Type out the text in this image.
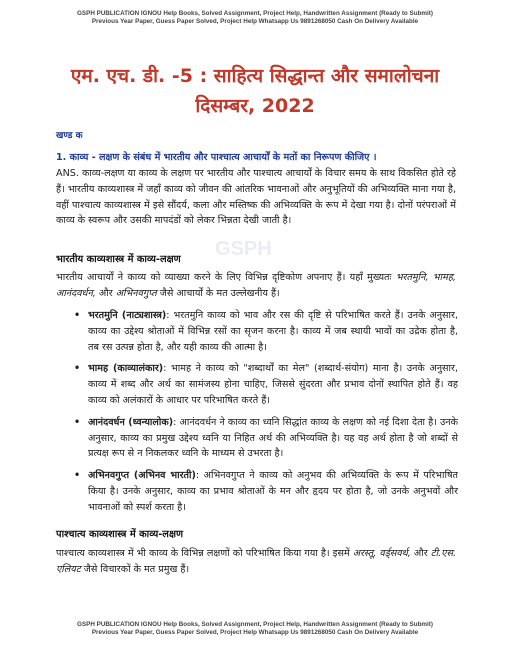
GSPH PUBLICATION IGNOU Help Books, Solved Assignment, Project Help, Handwritten Assignment (Ready to Submit)
Previous Year Paper, Guess Paper Solved, Project Help Whatsapp Us 9891268050 Cash On Delivery Available
GSPH
एम. एच. डी. -5 : साहित्य सिद्धान्त और समालोचना
दिसम्बर, 2022
खण्ड क
1. काव्य - लक्षण के संबंध में भारतीय और पाश्चात्य आचार्यों के मतों का निरूपण कीजिए ।
ANS. काव्य-लक्षण या काव्य के लक्षण पर भारतीय और पाश्चात्य आचार्यों के विचार समय के साथ विकसित होते रहे हैं। भारतीय काव्यशास्त्र में जहाँ काव्य को जीवन की आंतरिक भावनाओं और अनुभूतियों की अभिव्यक्ति माना गया है, वहीं पाश्चात्य काव्यशास्त्र में इसे सौंदर्य, कला और मस्तिष्क की अभिव्यक्ति के रूप में देखा गया है। दोनों परंपराओं में काव्य के स्वरूप और उसकी मापदंडों को लेकर भिन्नता देखी जाती है।
भारतीय काव्यशास्त्र में काव्य-लक्षण
भारतीय आचार्यों ने काव्य को व्याख्या करने के लिए विभिन्न दृष्टिकोण अपनाए हैं। यहाँ मुख्यतः भरतमुनि, भामह, आनंदवर्धन, और अभिनवगुप्त जैसे आचार्यों के मत उल्लेखनीय हैं।
• भरतमुनि (नाट्यशास्त्र): भरतमुनि काव्य को भाव और रस की दृष्टि से परिभाषित करते हैं। उनके अनुसार, काव्य का उद्देश्य श्रोताओं में विभिन्न रसों का सृजन करना है। काव्य में जब स्थायी भावों का उद्रेक होता है, तब रस उत्पन्न होता है, और यही काव्य की आत्मा है।
• भामह (काव्यालंकार): भामह ने काव्य को "शब्दार्थों का मेल" (शब्दार्थ-संयोग) माना है। उनके अनुसार, काव्य में शब्द और अर्थ का सामंजस्य होना चाहिए, जिससे सुंदरता और प्रभाव दोनों स्थापित होते हैं। वह काव्य को अलंकारों के आधार पर परिभाषित करते हैं।
• आनंदवर्धन (ध्वन्यालोक): आनंदवर्धन ने काव्य का ध्वनि सिद्धांत काव्य के लक्षण को नई दिशा देता है। उनके अनुसार, काव्य का प्रमुख उद्देश्य ध्वनि या निहित अर्थ की अभिव्यक्ति है। यह वह अर्थ होता है जो शब्दों से प्रत्यक्ष रूप से न निकलकर ध्वनि के माध्यम से उभरता है।
• अभिनवगुप्त (अभिनव भारती): अभिनवगुप्त ने काव्य को अनुभव की अभिव्यक्ति के रूप में परिभाषित किया है। उनके अनुसार, काव्य का प्रभाव श्रोताओं के मन और हृदय पर होता है, जो उनके अनुभवों और भावनाओं को स्पर्श करता है।
पाश्चात्य काव्यशास्त्र में काव्य-लक्षण
पाश्चात्य काव्यशास्त्र में भी काव्य के विभिन्न लक्षणों को परिभाषित किया गया है। इसमें अरस्तू, वर्ड्सवर्थ, और टी.एस. एलियट जैसे विचारकों के मत प्रमुख हैं।
GSPH PUBLICATION IGNOU Help Books, Solved Assignment, Project Help, Handwritten Assignment (Ready to Submit)
Previous Year Paper, Guess Paper Solved, Project Help Whatsapp Us 9891268050 Cash On Delivery Available
